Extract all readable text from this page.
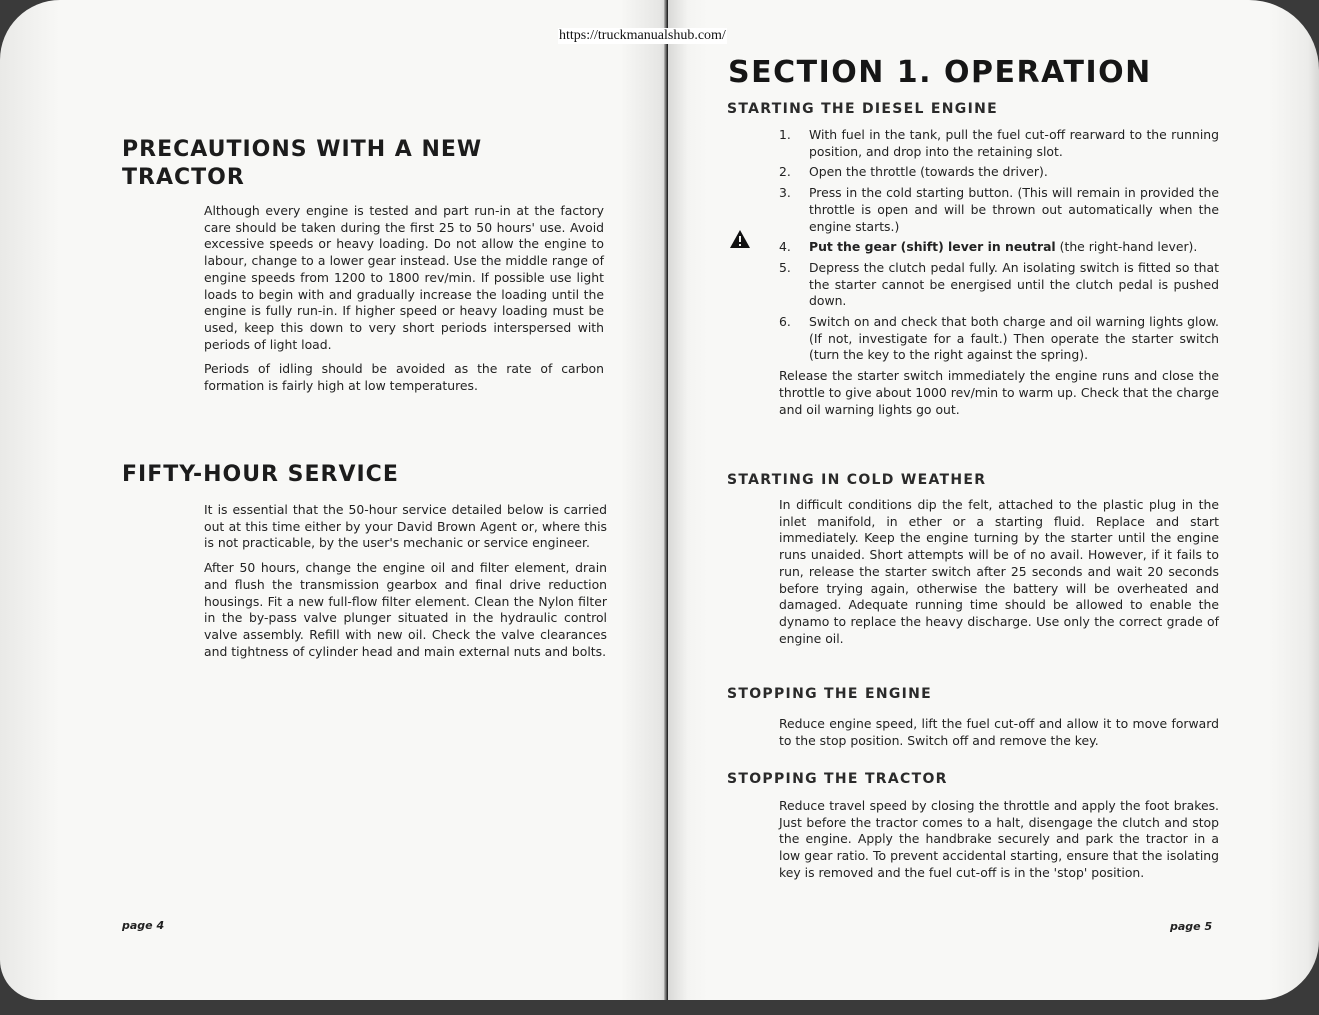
PRECAUTIONS WITH A NEW TRACTOR

Although every engine is tested and part run-in at the factory care should be taken during the first 25 to 50 hours' use. Avoid excessive speeds or heavy loading. Do not allow the engine to labour, change to a lower gear instead. Use the middle range of engine speeds from 1200 to 1800 rev/min. If possible use light loads to begin with and gradually increase the loading until the engine is fully run-in. If higher speed or heavy loading must be used, keep this down to very short periods interspersed with periods of light load.

Periods of idling should be avoided as the rate of carbon formation is fairly high at low temperatures.

FIFTY-HOUR SERVICE

It is essential that the 50-hour service detailed below is carried out at this time either by your David Brown Agent or, where this is not practicable, by the user's mechanic or service engineer.

After 50 hours, change the engine oil and filter element, drain and flush the transmission gearbox and final drive reduction housings. Fit a new full-flow filter element. Clean the Nylon filter in the by-pass valve plunger situated in the hydraulic control valve assembly. Refill with new oil. Check the valve clearances and tightness of cylinder head and main external nuts and bolts.

page 4
SECTION 1. OPERATION
STARTING THE DIESEL ENGINE
1. With fuel in the tank, pull the fuel cut-off rearward to the running position, and drop into the retaining slot.
2. Open the throttle (towards the driver).
3. Press in the cold starting button. (This will remain in provided the throttle is open and will be thrown out automatically when the engine starts.)
4. Put the gear (shift) lever in neutral (the right-hand lever).
5. Depress the clutch pedal fully. An isolating switch is fitted so that the starter cannot be energised until the clutch pedal is pushed down.
6. Switch on and check that both charge and oil warning lights glow. (If not, investigate for a fault.) Then operate the starter switch (turn the key to the right against the spring).

Release the starter switch immediately the engine runs and close the throttle to give about 1000 rev/min to warm up. Check that the charge and oil warning lights go out.

STARTING IN COLD WEATHER

In difficult conditions dip the felt, attached to the plastic plug in the inlet manifold, in ether or a starting fluid. Replace and start immediately. Keep the engine turning by the starter until the engine runs unaided. Short attempts will be of no avail. However, if it fails to run, release the starter switch after 25 seconds and wait 20 seconds before trying again, otherwise the battery will be overheated and damaged. Adequate running time should be allowed to enable the dynamo to replace the heavy discharge. Use only the correct grade of engine oil.

STOPPING THE ENGINE

Reduce engine speed, lift the fuel cut-off and allow it to move forward to the stop position. Switch off and remove the key.

STOPPING THE TRACTOR

Reduce travel speed by closing the throttle and apply the foot brakes. Just before the tractor comes to a halt, disengage the clutch and stop the engine. Apply the handbrake securely and park the tractor in a low gear ratio. To prevent accidental starting, ensure that the isolating key is removed and the fuel cut-off is in the 'stop' position.

page 5
https://truckmanualshub.com/
